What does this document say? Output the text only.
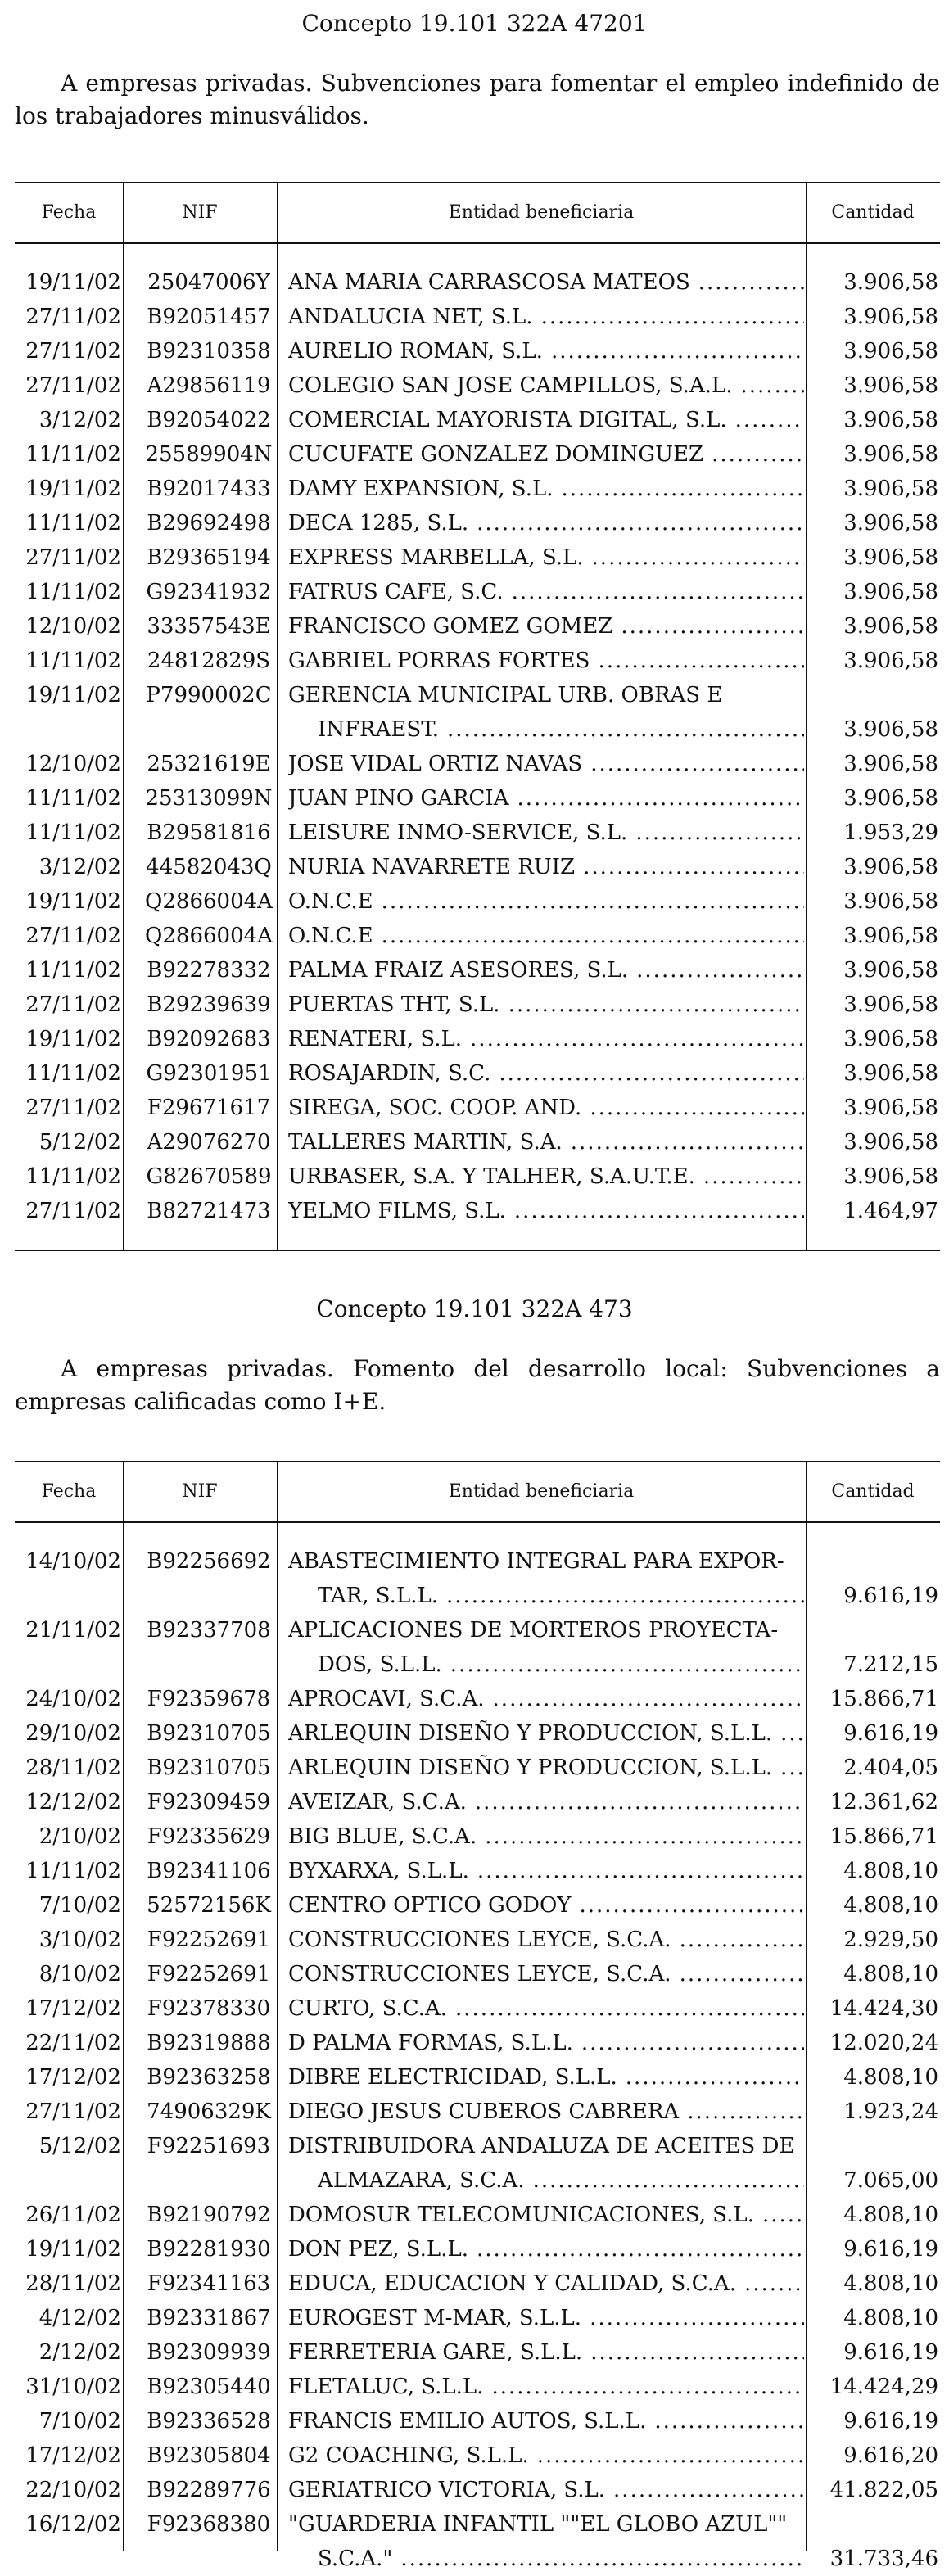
Concepto 19.101 322A 47201
A empresas privadas. Subvenciones para fomentar el empleo indefinido de los trabajadores minusválidos.
Fecha	NIF	Entidad beneficiaria	Cantidad
19/11/02	25047006Y ANA MARIA CARRASCOSA MATEOS .....	3.906,58
27/11/02	B92051457 ANDALUCIA NET, S.L. .....	3.906,58
27/11/02	B92310358 AURELIO ROMAN, S.L. .....	3.906,58
27/11/02	A29856119 COLEGIO SAN JOSE CAMPILLOS, S.A.L. .....	3.906,58
3/12/02	B92054022 COMERCIAL MAYORISTA DIGITAL, S.L. .....	3.906,58
11/11/02 25589904N CUCUFATE GONZALEZ DOMINGUEZ .....	3.906,58
19/11/02	B92017433 DAMY EXPANSION, S.L. .....	3.906,58
11/11/02	B29692498 DECA 1285, S.L. .....	3.906,58
27/11/02	B29365194 EXPRESS MARBELLA, S.L. .....	3.906,58
11/11/02	G92341932 FATRUS CAFE, S.C. .....	3.906,58
12/10/02	33357543E FRANCISCO GOMEZ GOMEZ .....	3.906,58
11/11/02	24812829S GABRIEL PORRAS FORTES .....	3.906,58
19/11/02	P7990002C GERENCIA MUNICIPAL URB. OBRAS E
INFRAEST. .....	3.906,58
12/10/02	25321619E JOSE VIDAL ORTIZ NAVAS .....	3.906,58
11/11/02 25313099N JUAN PINO GARCIA .....	3.906,58
11/11/02	B29581816 LEISURE INMO-SERVICE, S.L. .....	1.953,29
3/12/02	44582043Q NURIA NAVARRETE RUIZ .....	3.906,58
19/11/02 Q2866004A O.N.C.E .....	3.906,58
27/11/02 Q2866004A O.N.C.E .....	3.906,58
11/11/02	B92278332 PALMA FRAIZ ASESORES, S.L. .....	3.906,58
27/11/02	B29239639 PUERTAS THT, S.L. .....	3.906,58
19/11/02	B92092683 RENATERI, S.L. .....	3.906,58
11/11/02	G92301951 ROSAJARDIN, S.C. .....	3.906,58
27/11/02	F29671617 SIREGA, SOC. COOP. AND. .....	3.906,58
5/12/02	A29076270 TALLERES MARTIN, S.A. .....	3.906,58
11/11/02	G82670589 URBASER, S.A. Y TALHER, S.A.U.T.E. .....	3.906,58
27/11/02	B82721473 YELMO FILMS, S.L. .....	1.464,97
Concepto 19.101 322A 473
A empresas privadas. Fomento del desarrollo local: Subvenciones a empresas calificadas como I+E.
Fecha	NIF	Entidad beneficiaria	Cantidad
14/10/02	B92256692 ABASTECIMIENTO INTEGRAL PARA EXPOR-
TAR, S.L.L. .....	9.616,19
21/11/02	B92337708 APLICACIONES DE MORTEROS PROYECTA-
DOS, S.L.L. .....	7.212,15
24/10/02	F92359678 APROCAVI, S.C.A. .....	15.866,71
29/10/02	B92310705 ARLEQUIN DISEÑO Y PRODUCCION, S.L.L. .....	9.616,19
28/11/02	B92310705 ARLEQUIN DISEÑO Y PRODUCCION, S.L.L. .....	2.404,05
12/12/02	F92309459 AVEIZAR, S.C.A. .....	12.361,62
2/10/02	F92335629 BIG BLUE, S.C.A. .....	15.866,71
11/11/02	B92341106 BYXARXA, S.L.L. .....	4.808,10
7/10/02	52572156K CENTRO OPTICO GODOY .....	4.808,10
3/10/02	F92252691 CONSTRUCCIONES LEYCE, S.C.A. .....	2.929,50
8/10/02	F92252691 CONSTRUCCIONES LEYCE, S.C.A. .....	4.808,10
17/12/02	F92378330 CURTO, S.C.A. .....	14.424,30
22/11/02	B92319888 D PALMA FORMAS, S.L.L. .....	12.020,24
17/12/02	B92363258 DIBRE ELECTRICIDAD, S.L.L. .....	4.808,10
27/11/02	74906329K DIEGO JESUS CUBEROS CABRERA .....	1.923,24
5/12/02	F92251693 DISTRIBUIDORA ANDALUZA DE ACEITES DE
ALMAZARA, S.C.A. .....	7.065,00
26/11/02	B92190792 DOMOSUR TELECOMUNICACIONES, S.L. .....	4.808,10
19/11/02	B92281930 DON PEZ, S.L.L. .....	9.616,19
28/11/02	F92341163 EDUCA, EDUCACION Y CALIDAD, S.C.A. .....	4.808,10
4/12/02	B92331867 EUROGEST M-MAR, S.L.L. .....	4.808,10
2/12/02	B92309939 FERRETERIA GARE, S.L.L. .....	9.616,19
31/10/02	B92305440 FLETALUC, S.L.L. .....	14.424,29
7/10/02	B92336528 FRANCIS EMILIO AUTOS, S.L.L. .....	9.616,19
17/12/02	B92305804 G2 COACHING, S.L.L. .....	9.616,20
22/10/02	B92289776 GERIATRICO VICTORIA, S.L. .....	41.822,05
16/12/02	F92368380 "GUARDERIA INFANTIL ""EL GLOBO AZUL""
S.C.A." .....	31.733,46
